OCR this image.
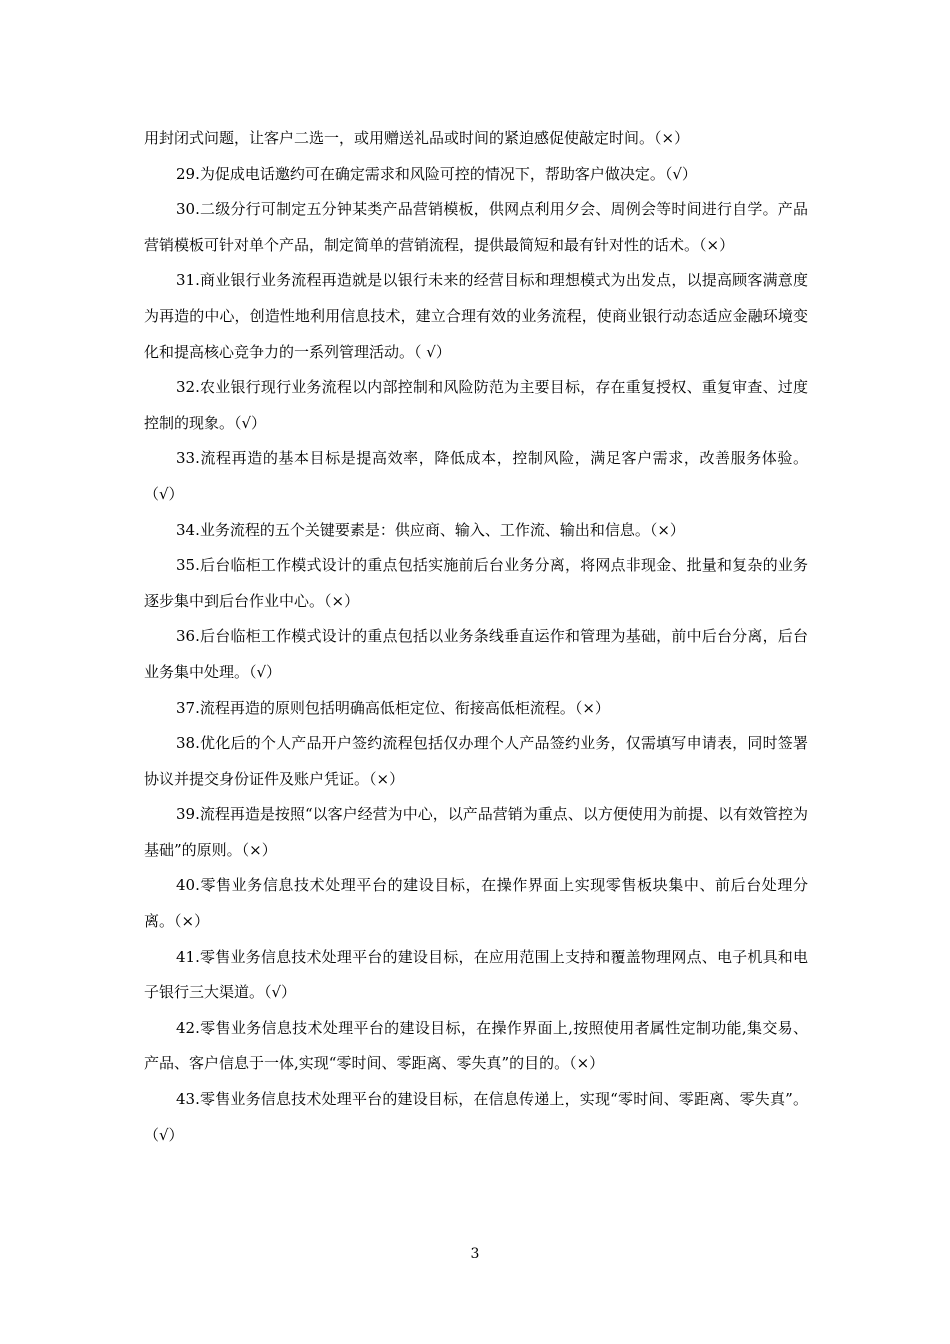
用封闭式问题，让客户二选一，或用赠送礼品或时间的紧迫感促使敲定时间。（×）

29.为促成电话邀约可在确定需求和风险可控的情况下，帮助客户做决定。（√）

30.二级分行可制定五分钟某类产品营销模板，供网点利用夕会、周例会等时间进行自学。产品营销模板可针对单个产品，制定简单的营销流程，提供最简短和最有针对性的话术。（×）

31.商业银行业务流程再造就是以银行未来的经营目标和理想模式为出发点，以提高顾客满意度为再造的中心，创造性地利用信息技术，建立合理有效的业务流程，使商业银行动态适应金融环境变化和提高核心竞争力的一系列管理活动。（ √）

32.农业银行现行业务流程以内部控制和风险防范为主要目标，存在重复授权、重复审查、过度控制的现象。（√）

33.流程再造的基本目标是提高效率，降低成本，控制风险，满足客户需求，改善服务体验。（√）

34.业务流程的五个关键要素是：供应商、输入、工作流、输出和信息。（×）

35.后台临柜工作模式设计的重点包括实施前后台业务分离，将网点非现金、批量和复杂的业务逐步集中到后台作业中心。（×）

36.后台临柜工作模式设计的重点包括以业务条线垂直运作和管理为基础，前中后台分离，后台业务集中处理。（√）

37.流程再造的原则包括明确高低柜定位、衔接高低柜流程。（×）

38.优化后的个人产品开户签约流程包括仅办理个人产品签约业务，仅需填写申请表，同时签署协议并提交身份证件及账户凭证。（×）

39.流程再造是按照“以客户经营为中心，以产品营销为重点、以方便使用为前提、以有效管控为基础”的原则。（×）

40.零售业务信息技术处理平台的建设目标，在操作界面上实现零售板块集中、前后台处理分离。（×）

41.零售业务信息技术处理平台的建设目标，在应用范围上支持和覆盖物理网点、电子机具和电子银行三大渠道。（√）

42.零售业务信息技术处理平台的建设目标，在操作界面上,按照使用者属性定制功能,集交易、产品、客户信息于一体,实现“零时间、零距离、零失真”的目的。（×）

43.零售业务信息技术处理平台的建设目标，在信息传递上，实现“零时间、零距离、零失真”。（√）

3
